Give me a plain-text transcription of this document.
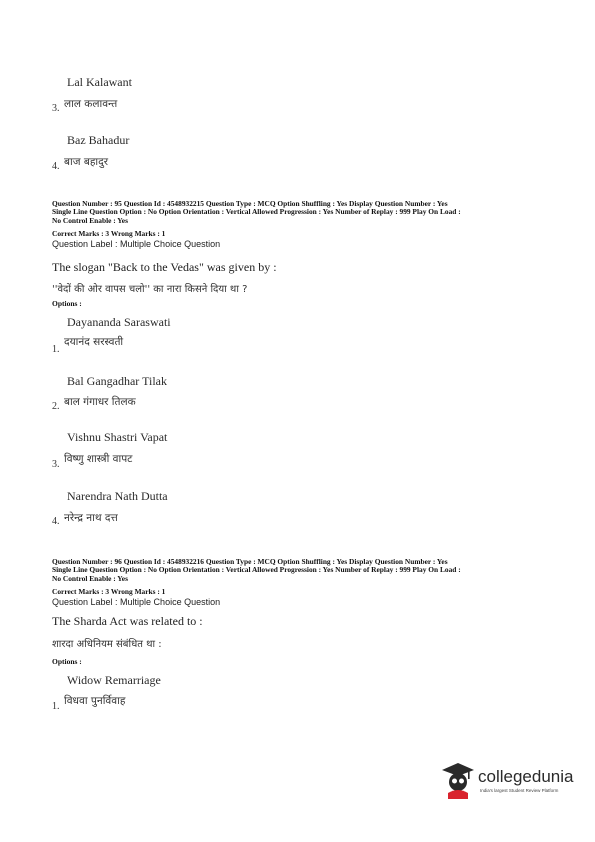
Lal Kalawant
3. लाल कलावन्त
Baz Bahadur
4. बाज बहादुर
Question Number : 95 Question Id : 4548932215 Question Type : MCQ Option Shuffling : Yes Display Question Number : Yes
Single Line Question Option : No Option Orientation : Vertical Allowed Progression : Yes Number of Replay : 999 Play On Load :
No Control Enable : Yes
Correct Marks : 3 Wrong Marks : 1
Question Label : Multiple Choice Question
The slogan "Back to the Vedas" was given by :
''वेदों की ओर वापस चलो'' का नारा किसने दिया था ?
Options :
Dayananda Saraswati
1.
दयानंद सरस्वती
Bal Gangadhar Tilak
2. बाल गंगाधर तिलक
Vishnu Shastri Vapat
3. विष्णु शास्त्री वापट
Narendra Nath Dutta
4. नरेन्द्र नाथ दत्त
Question Number : 96 Question Id : 4548932216 Question Type : MCQ Option Shuffling : Yes Display Question Number : Yes
Single Line Question Option : No Option Orientation : Vertical Allowed Progression : Yes Number of Replay : 999 Play On Load :
No Control Enable : Yes
Correct Marks : 3 Wrong Marks : 1
Question Label : Multiple Choice Question
The Sharda Act was related to :
शारदा अधिनियम संबंधित था :
Options :
Widow Remarriage
1. विधवा पुनर्विवाह
collegedunia
India's largest Student Review Platform
